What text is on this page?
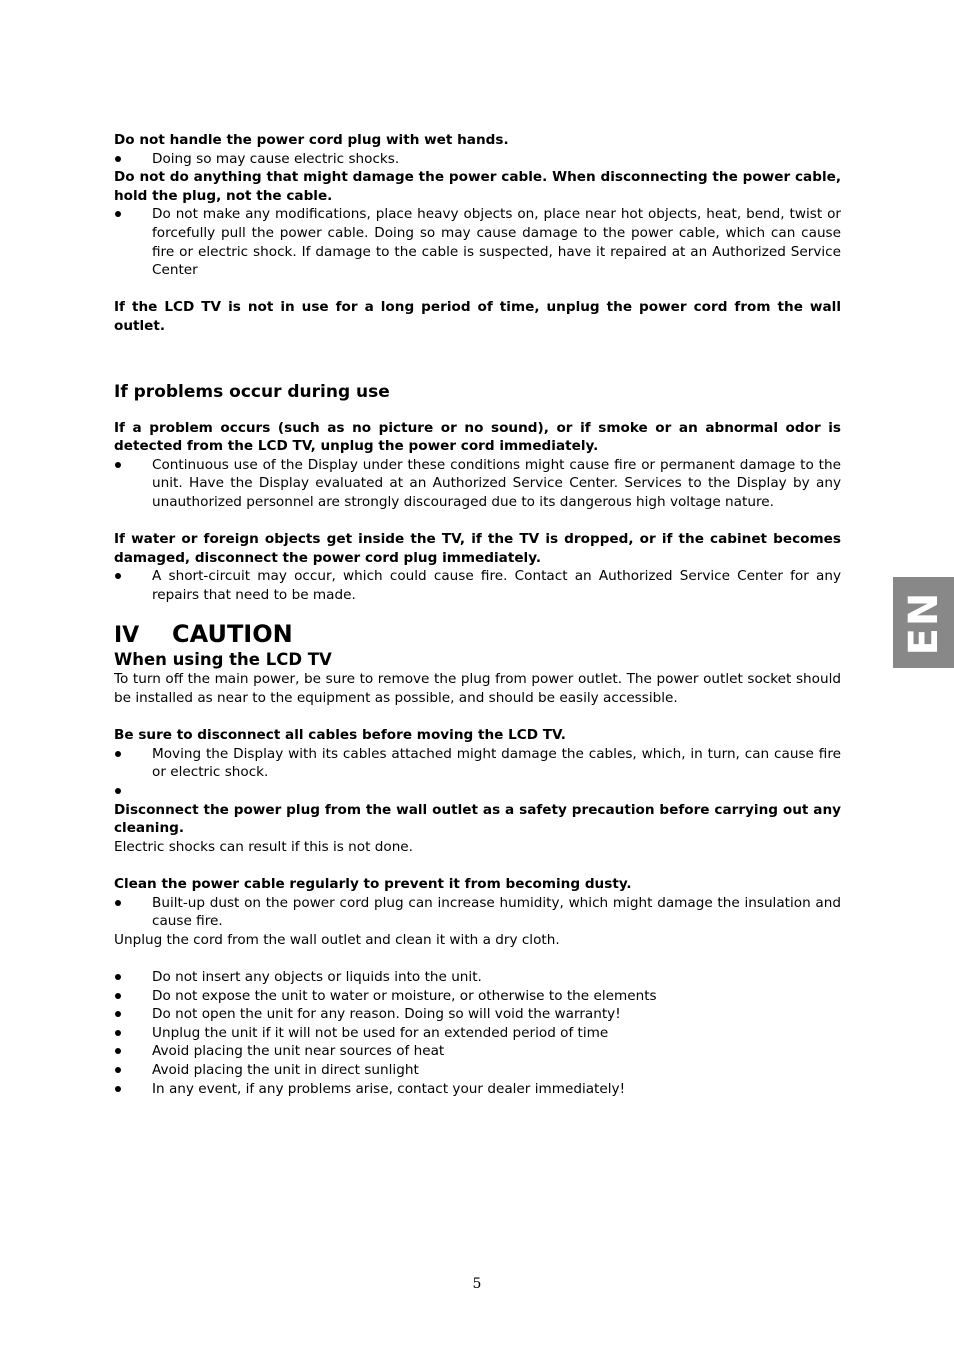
Do not handle the power cord plug with wet hands.
Doing so may cause electric shocks.
Do not do anything that might damage the power cable. When disconnecting the power cable, hold the plug, not the cable.
Do not make any modifications, place heavy objects on, place near hot objects, heat, bend, twist or forcefully pull the power cable. Doing so may cause damage to the power cable, which can cause fire or electric shock. If damage to the cable is suspected, have it repaired at an Authorized Service Center
If the LCD TV is not in use for a long period of time, unplug the power cord from the wall outlet.
If problems occur during use
If a problem occurs (such as no picture or no sound), or if smoke or an abnormal odor is detected from the LCD TV, unplug the power cord immediately.
Continuous use of the Display under these conditions might cause fire or permanent damage to the unit. Have the Display evaluated at an Authorized Service Center. Services to the Display by any unauthorized personnel are strongly discouraged due to its dangerous high voltage nature.
If water or foreign objects get inside the TV, if the TV is dropped, or if the cabinet becomes damaged, disconnect the power cord plug immediately.
A short-circuit may occur, which could cause fire. Contact an Authorized Service Center for any repairs that need to be made.
IV	CAUTION
When using the LCD TV
To turn off the main power, be sure to remove the plug from power outlet. The power outlet socket should be installed as near to the equipment as possible, and should be easily accessible.
Be sure to disconnect all cables before moving the LCD TV.
Moving the Display with its cables attached might damage the cables, which, in turn, can cause fire or electric shock.

Disconnect the power plug from the wall outlet as a safety precaution before carrying out any cleaning.
Electric shocks can result if this is not done.
Clean the power cable regularly to prevent it from becoming dusty.
Built-up dust on the power cord plug can increase humidity, which might damage the insulation and cause fire.
Unplug the cord from the wall outlet and clean it with a dry cloth.
Do not insert any objects or liquids into the unit.
Do not expose the unit to water or moisture, or otherwise to the elements
Do not open the unit for any reason. Doing so will void the warranty!
Unplug the unit if it will not be used for an extended period of time
Avoid placing the unit near sources of heat
Avoid placing the unit in direct sunlight
In any event, if any problems arise, contact your dealer immediately!
EN
5
